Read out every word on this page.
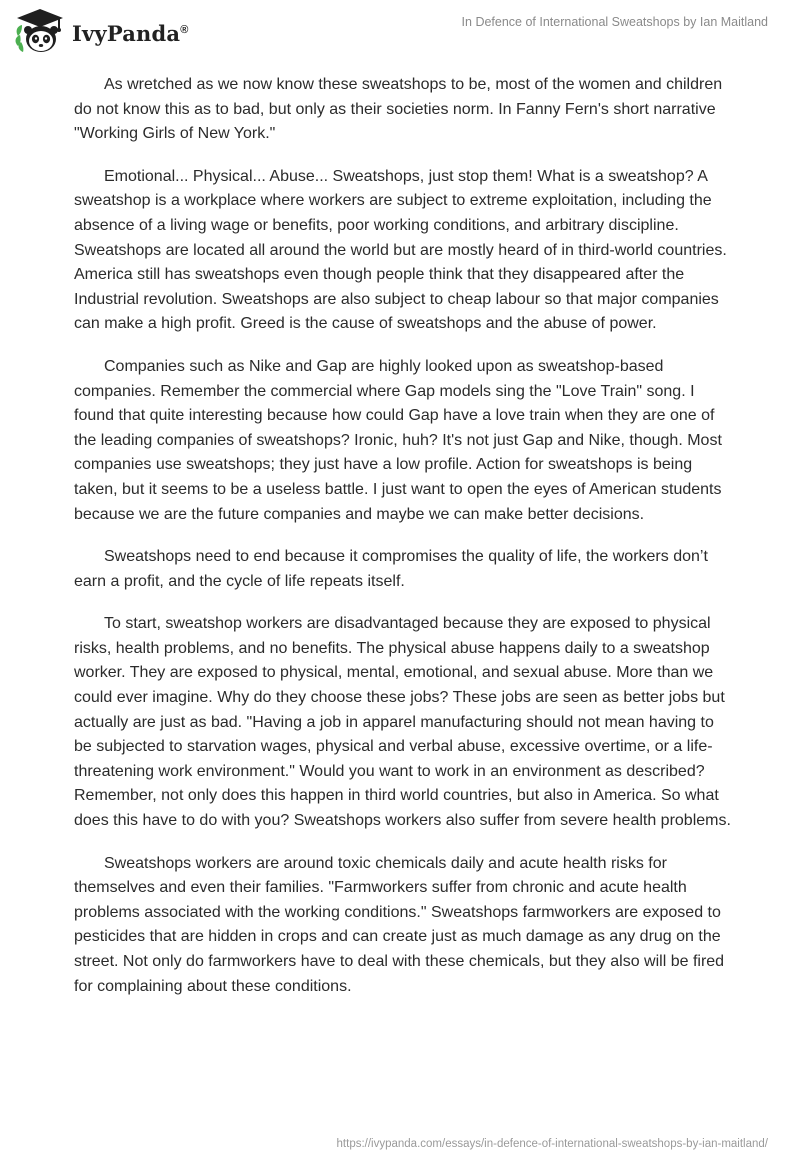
IvyPanda®
In Defence of International Sweatshops by Ian Maitland

As wretched as we now know these sweatshops to be, most of the women and children do not know this as to bad, but only as their societies norm. In Fanny Fern's short narrative "Working Girls of New York."

Emotional... Physical... Abuse... Sweatshops, just stop them! What is a sweatshop? A sweatshop is a workplace where workers are subject to extreme exploitation, including the absence of a living wage or benefits, poor working conditions, and arbitrary discipline. Sweatshops are located all around the world but are mostly heard of in third-world countries. America still has sweatshops even though people think that they disappeared after the Industrial revolution. Sweatshops are also subject to cheap labour so that major companies can make a high profit. Greed is the cause of sweatshops and the abuse of power.

Companies such as Nike and Gap are highly looked upon as sweatshop-based companies. Remember the commercial where Gap models sing the "Love Train" song. I found that quite interesting because how could Gap have a love train when they are one of the leading companies of sweatshops? Ironic, huh? It's not just Gap and Nike, though. Most companies use sweatshops; they just have a low profile. Action for sweatshops is being taken, but it seems to be a useless battle. I just want to open the eyes of American students because we are the future companies and maybe we can make better decisions.

Sweatshops need to end because it compromises the quality of life, the workers don’t earn a profit, and the cycle of life repeats itself.

To start, sweatshop workers are disadvantaged because they are exposed to physical risks, health problems, and no benefits. The physical abuse happens daily to a sweatshop worker. They are exposed to physical, mental, emotional, and sexual abuse. More than we could ever imagine. Why do they choose these jobs? These jobs are seen as better jobs but actually are just as bad. "Having a job in apparel manufacturing should not mean having to be subjected to starvation wages, physical and verbal abuse, excessive overtime, or a life-threatening work environment." Would you want to work in an environment as described? Remember, not only does this happen in third world countries, but also in America. So what does this have to do with you? Sweatshops workers also suffer from severe health problems.

Sweatshops workers are around toxic chemicals daily and acute health risks for themselves and even their families. "Farmworkers suffer from chronic and acute health problems associated with the working conditions." Sweatshops farmworkers are exposed to pesticides that are hidden in crops and can create just as much damage as any drug on the street. Not only do farmworkers have to deal with these chemicals, but they also will be fired for complaining about these conditions.

https://ivypanda.com/essays/in-defence-of-international-sweatshops-by-ian-maitland/
